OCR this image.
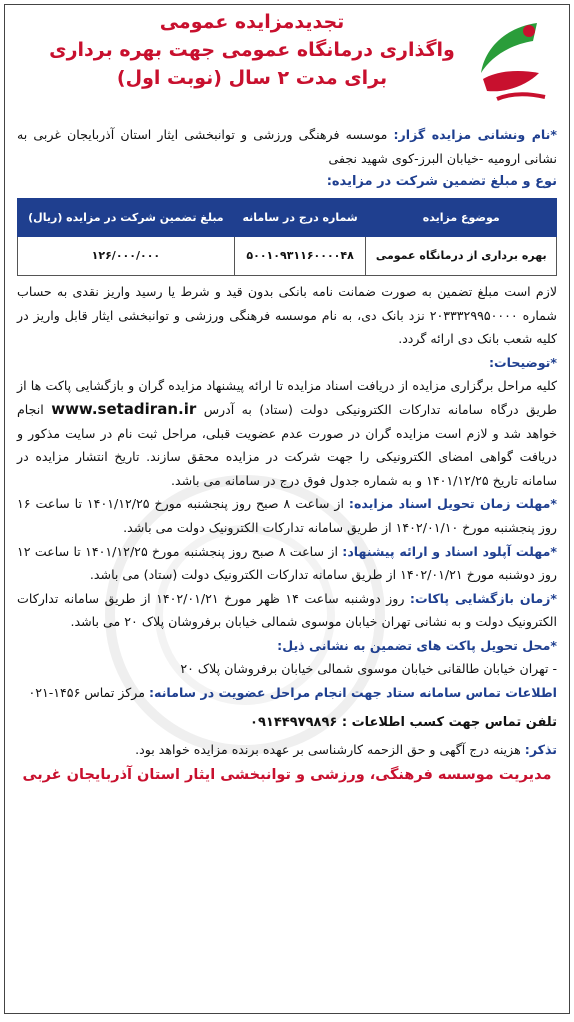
تجدیدمزایده عمومی
واگذاری درمانگاه عمومی جهت بهره برداری
برای مدت ۲ سال (نوبت اول)

*نام ونشانی مزایده گزار: موسسه فرهنگی ورزشی و توانبخشی ایثار استان آذربایجان غربی به نشانی ارومیه -خیابان البرز-کوی شهید نجفی

نوع و مبلغ تضمین شرکت در مزایده:

موضوع مزایده	شماره درج در سامانه	مبلغ تضمین شرکت در مزایده (ریال)
بهره برداری از درمانگاه عمومی	۵۰۰۱۰۹۳۱۱۶۰۰۰۰۴۸	۱۲۶/۰۰۰/۰۰۰

لازم است مبلغ تضمین به صورت ضمانت نامه بانکی بدون قید و شرط یا رسید واریز نقدی به حساب شماره ۲۰۳۳۳۲۹۹۵۰۰۰۰ نزد بانک دی، به نام موسسه فرهنگی ورزشی و توانبخشی ایثار قابل واریز در کلیه شعب بانک دی ارائه گردد.

*توضیحات:

کلیه مراحل برگزاری مزایده از دریافت اسناد مزایده تا ارائه پیشنهاد مزایده گران و بازگشایی پاکت ها از طریق درگاه سامانه تدارکات الکترونیکی دولت (ستاد) به آدرس www.setadiran.ir انجام خواهد شد و لازم است مزایده گران در صورت عدم عضویت قبلی، مراحل ثبت نام در سایت مذکور و دریافت گواهی امضای الکترونیکی را جهت شرکت در مزایده محقق سازند. تاریخ انتشار مزایده در سامانه تاریخ ۱۴۰۱/۱۲/۲۵ و به شماره جدول فوق درج در سامانه می باشد.

*مهلت زمان تحویل اسناد مزایده: از ساعت ۸ صبح روز پنجشنبه مورخ ۱۴۰۱/۱۲/۲۵ تا ساعت ۱۶ روز پنجشنبه مورخ ۱۴۰۲/۰۱/۱۰ از طریق سامانه تدارکات الکترونیک دولت می باشد.

*مهلت آپلود اسناد و ارائه پیشنهاد: از ساعت ۸ صبح روز پنجشنبه مورخ ۱۴۰۱/۱۲/۲۵ تا ساعت ۱۲ روز دوشنبه مورخ ۱۴۰۲/۰۱/۲۱ از طریق سامانه تدارکات الکترونیک دولت (ستاد) می باشد.

*زمان بازگشایی پاکات: روز دوشنبه ساعت ۱۴ ظهر مورخ ۱۴۰۲/۰۱/۲۱ از طریق سامانه تدارکات الکترونیک دولت و به نشانی تهران خیابان موسوی شمالی خیابان برفروشان پلاک ۲۰ می باشد.

*محل تحویل پاکت های تضمین به نشانی ذیل:

- تهران خیابان طالقانی خیابان موسوی شمالی خیابان برفروشان پلاک ۲۰

اطلاعات تماس سامانه ستاد جهت انجام مراحل عضویت در سامانه: مرکز تماس ۱۴۵۶-۰۲۱

تلفن تماس جهت کسب اطلاعات : ۰۹۱۴۴۹۷۹۸۹۶

تذکر: هزینه درج آگهی و حق الزحمه کارشناسی بر عهده برنده مزایده خواهد بود.

مدیریت موسسه فرهنگی، ورزشی و توانبخشی ایثار استان آذربایجان غربی
